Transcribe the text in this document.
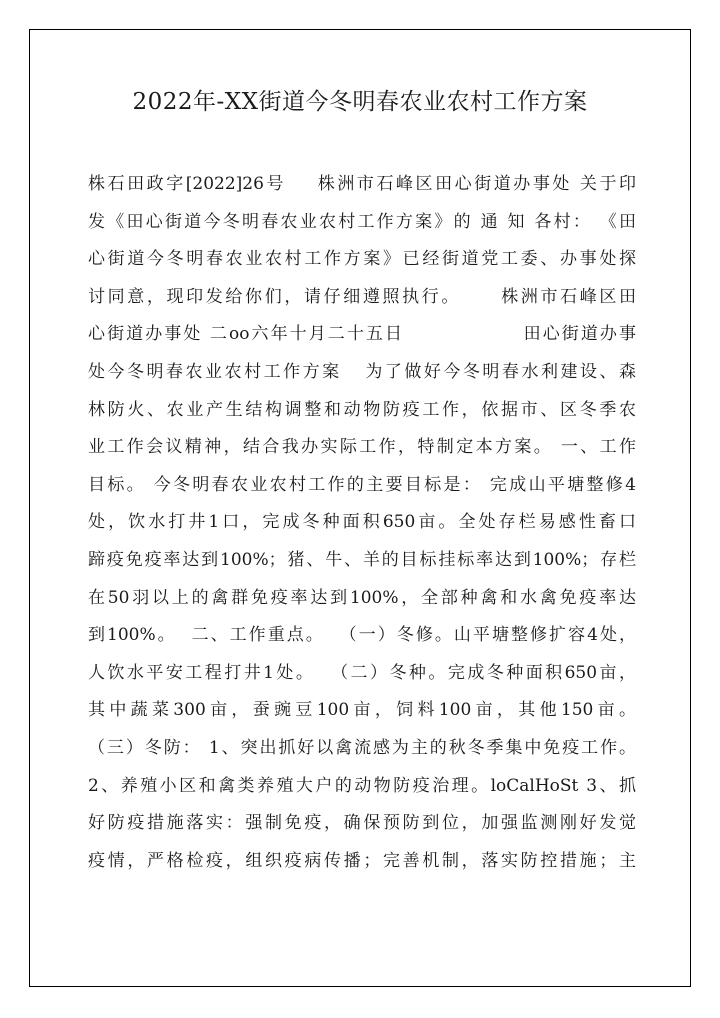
2022年-XX街道今冬明春农业农村工作方案
株石田政字[2022]26号    株洲市石峰区田心街道办事处 关于印
发《田心街道今冬明春农业农村工作方案》的 通 知 各村： 《田
心街道今冬明春农业农村工作方案》已经街道党工委、办事处探
讨同意，现印发给你们，请仔细遵照执行。     株洲市石峰区田
心街道办事处 二oo六年十月二十五日                田心街道办事
处今冬明春农业农村工作方案   为了做好今冬明春水利建设、森
林防火、农业产生结构调整和动物防疫工作，依据市、区冬季农
业工作会议精神，结合我办实际工作，特制定本方案。 一、工作
目标。 今冬明春农业农村工作的主要目标是： 完成山平塘整修4
处，饮水打井1口，完成冬种面积650亩。全处存栏易感性畜口
蹄疫免疫率达到100%；猪、牛、羊的目标挂标率达到100%；存栏
在50羽以上的禽群免疫率达到100%，全部种禽和水禽免疫率达
到100%。  二、工作重点。  （一）冬修。山平塘整修扩容4处，
人饮水平安工程打井1处。  （二）冬种。完成冬种面积650亩，
其中蔬菜300亩，蚕豌豆100亩，饲料100亩，其他150亩。
（三）冬防： 1、突出抓好以禽流感为主的秋冬季集中免疫工作。
2、养殖小区和禽类养殖大户的动物防疫治理。loCalHoSt 3、抓
好防疫措施落实：强制免疫，确保预防到位，加强监测刚好发觉
疫情，严格检疫，组织疫病传播；完善机制，落实防控措施；主
